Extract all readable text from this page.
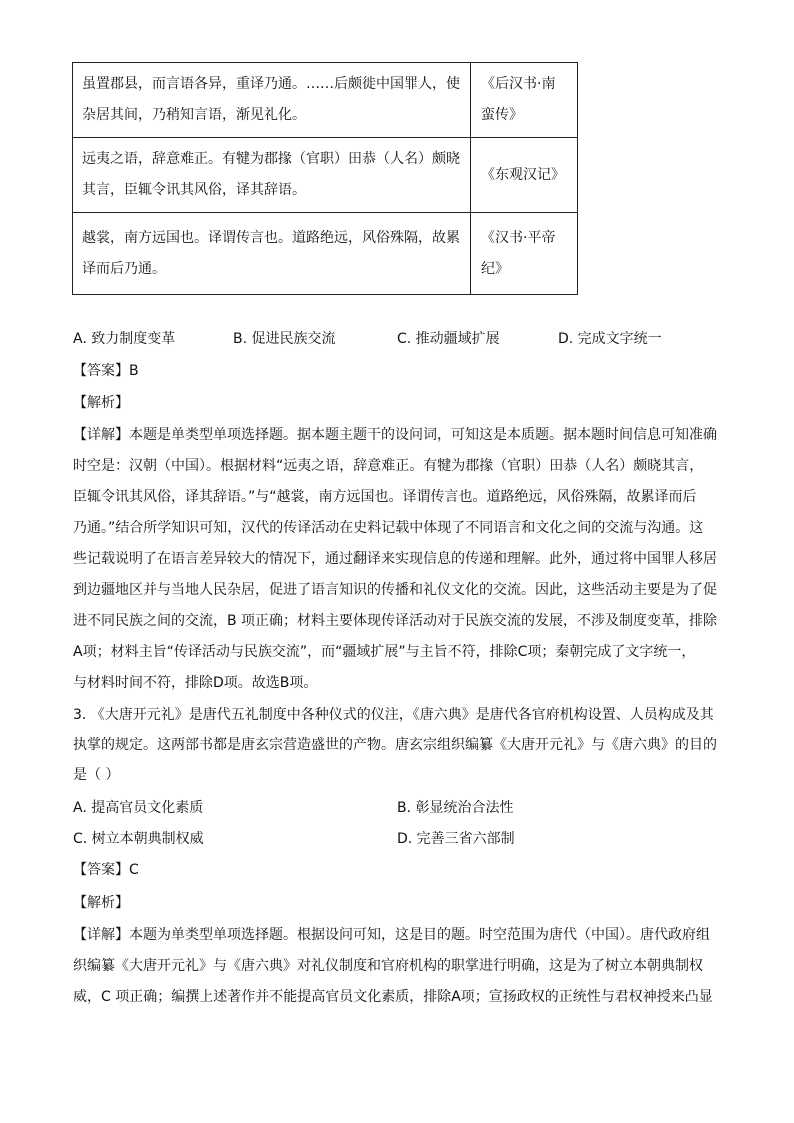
虽置郡县，而言语各异，重译乃通。……后颇徙中国罪人，使
杂居其间，乃稍知言语，渐见礼化。	《后汉书·南
蛮传》

远夷之语，辞意难正。有犍为郡掾（官职）田恭（人名）颇晓
其言，臣辄令讯其风俗，译其辞语。	《东观汉记》

越裳，南方远国也。译谓传言也。道路绝远，风俗殊隔，故累
译而后乃通。	《汉书·平帝
纪》
A. 致力制度变革	B. 促进民族交流	C. 推动疆域扩展	D. 完成文字统一
【答案】B
【解析】
【详解】本题是单类型单项选择题。据本题主题干的设问词，可知这是本质题。据本题时间信息可知准确
时空是：汉朝（中国）。根据材料“远夷之语，辞意难正。有犍为郡掾（官职）田恭（人名）颇晓其言，
臣辄令讯其风俗，译其辞语。”与“越裳，南方远国也。译谓传言也。道路绝远，风俗殊隔，故累译而后
乃通。”结合所学知识可知，汉代的传译活动在史料记载中体现了不同语言和文化之间的交流与沟通。这
些记载说明了在语言差异较大的情况下，通过翻译来实现信息的传递和理解。此外，通过将中国罪人移居
到边疆地区并与当地人民杂居，促进了语言知识的传播和礼仪文化的交流。因此，这些活动主要是为了促
进不同民族之间的交流，B 项正确；材料主要体现传译活动对于民族交流的发展，不涉及制度变革，排除
A项；材料主旨“传译活动与民族交流”，而“疆域扩展”与主旨不符，排除C项；秦朝完成了文字统一，
与材料时间不符，排除D项。故选B项。
3. 《大唐开元礼》是唐代五礼制度中各种仪式的仪注，《唐六典》是唐代各官府机构设置、人员构成及其
执掌的规定。这两部书都是唐玄宗营造盛世的产物。唐玄宗组织编纂《大唐开元礼》与《唐六典》的目的
是（ ）
A. 提高官员文化素质	B. 彰显统治合法性
C. 树立本朝典制权威	D. 完善三省六部制
【答案】C
【解析】
【详解】本题为单类型单项选择题。根据设问可知，这是目的题。时空范围为唐代（中国）。唐代政府组
织编纂《大唐开元礼》与《唐六典》对礼仪制度和官府机构的职掌进行明确，这是为了树立本朝典制权
威，C 项正确；编撰上述著作并不能提高官员文化素质，排除A项；宣扬政权的正统性与君权神授来凸显
